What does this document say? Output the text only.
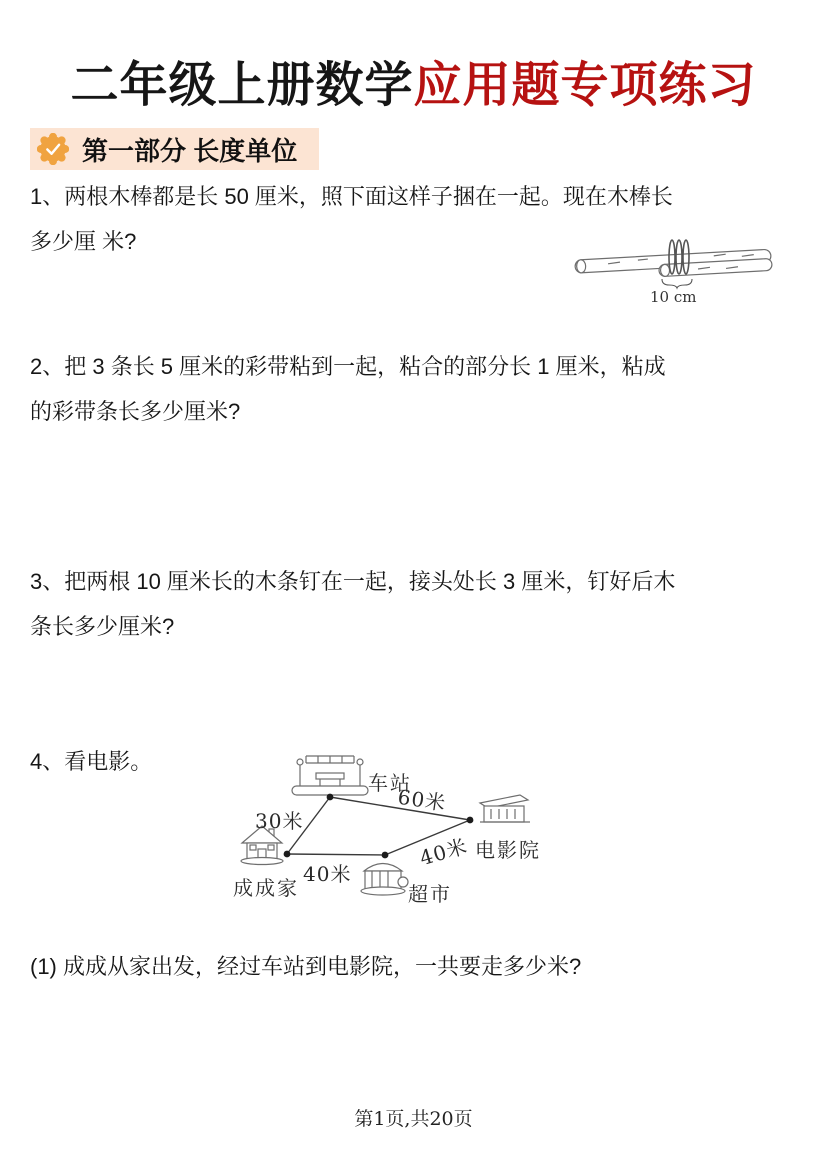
二年级上册数学应用题专项练习
第一部分 长度单位
1、两根木棒都是长 50 厘米，照下面这样子捆在一起。现在木棒长
多少厘 米?
10 cm
2、把 3 条长 5 厘米的彩带粘到一起，粘合的部分长 1 厘米，粘成
的彩带条长多少厘米?
3、把两根 10 厘米长的木条钉在一起，接头处长 3 厘米，钉好后木
条长多少厘米?
4、看电影。
车站
电影院
成成家	超市
30米
60米
40米
40米
(1) 成成从家出发，经过车站到电影院，一共要走多少米?
第1页,共20页
